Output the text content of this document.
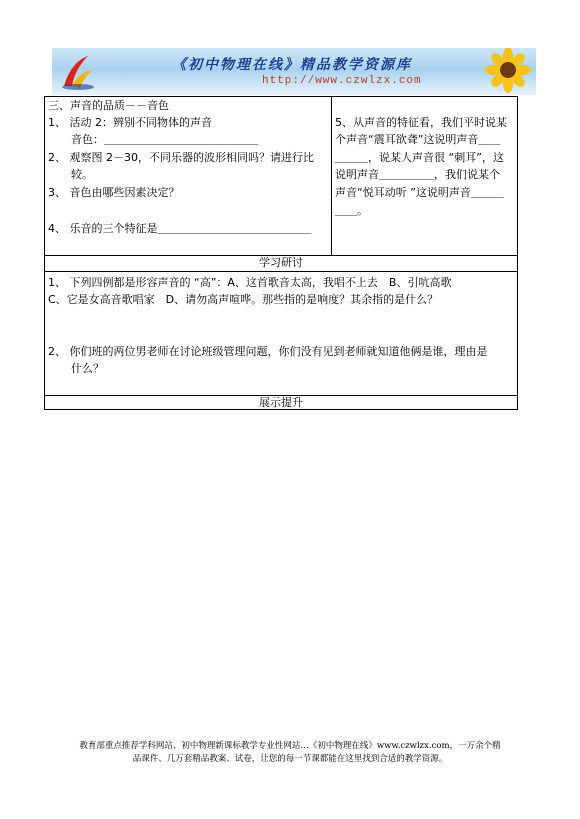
《初中物理在线》精品教学资源库
http://www.czwlzx.com
三、声音的品质－－音色
1、 活动 2：辨别不同物体的声音
音色：＿＿＿＿＿＿＿＿＿＿＿＿＿＿
2、 观察图 2－30，不同乐器的波形相同吗？请进行比
较。
3、 音色由哪些因素决定？
4、 乐音的三个特征是＿＿＿＿＿＿＿＿＿＿＿＿＿＿
5、从声音的特征看，我们平时说某
个声音“震耳欲聋”这说明声音＿＿
＿＿＿，说某人声音很 “刺耳”，这
说明声音＿＿＿＿＿，我们说某个
声音“悦耳动听 ”这说明声音＿＿＿
＿＿。
学习研讨
1、 下列四例都是形容声音的 “高”：A、这首歌音太高，我唱不上去　B、引吭高歌
C、它是女高音歌唱家　D、请勿高声喧哗。那些指的是响度？其余指的是什么？
2、 你们班的两位男老师在讨论班级管理问题，你们没有见到老师就知道他俩是谁，理由是
什么？
展示提升
教育部重点推荐学科网站、初中物理新课标教学专业性网站…《初中物理在线》www.czwlzx.com，一万余个精
品课件、几万套精品教案、试卷，让您的每一节课都能在这里找到合适的教学资源。
